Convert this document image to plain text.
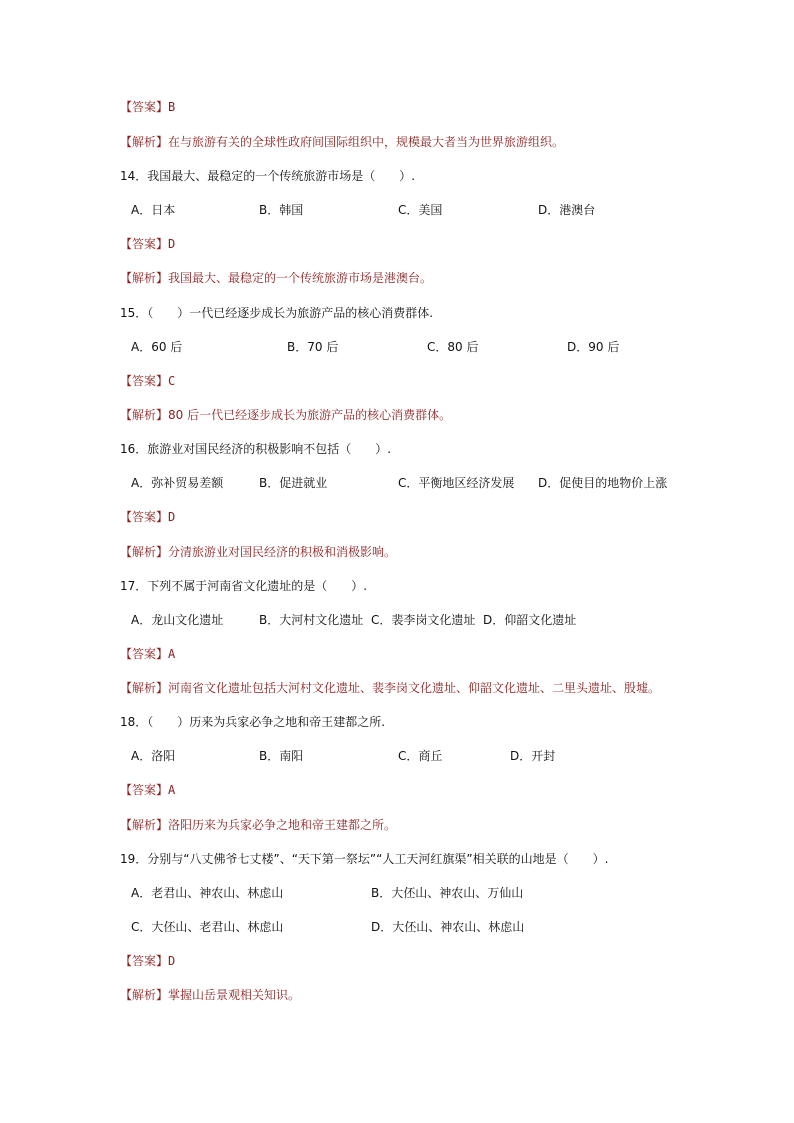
【答案】B
【解析】在与旅游有关的全球性政府间国际组织中，规模最大者当为世界旅游组织。
14．我国最大、最稳定的一个传统旅游市场是（　　）.
A．日本	B．韩国	C．美国	D．港澳台
【答案】D
【解析】我国最大、最稳定的一个传统旅游市场是港澳台。
15．（　　）一代已经逐步成长为旅游产品的核心消费群体.
A．60 后	B．70 后	C．80 后	D．90 后
【答案】C
【解析】80 后一代已经逐步成长为旅游产品的核心消费群体。
16．旅游业对国民经济的积极影响不包括（　　）.
A．弥补贸易差额	B．促进就业	C．平衡地区经济发展 D．促使目的地物价上涨
【答案】D
【解析】分清旅游业对国民经济的积极和消极影响。
17．下列不属于河南省文化遗址的是（　　）.
A．龙山文化遗址	B．大河村文化遗址 C．裴李岗文化遗址 D．仰韶文化遗址
【答案】A
【解析】河南省文化遗址包括大河村文化遗址、裴李岗文化遗址、仰韶文化遗址、二里头遗址、殷墟。
18．（　　）历来为兵家必争之地和帝王建都之所.
A．洛阳	B．南阳	C．商丘	D．开封
【答案】A
【解析】洛阳历来为兵家必争之地和帝王建都之所。
19．分别与“八丈佛爷七丈楼”、“天下第一祭坛”“人工天河红旗渠”相关联的山地是（　　）.
A．老君山、神农山、林虑山	B．大伾山、神农山、万仙山
C．大伾山、老君山、林虑山	D．大伾山、神农山、林虑山
【答案】D
【解析】掌握山岳景观相关知识。
